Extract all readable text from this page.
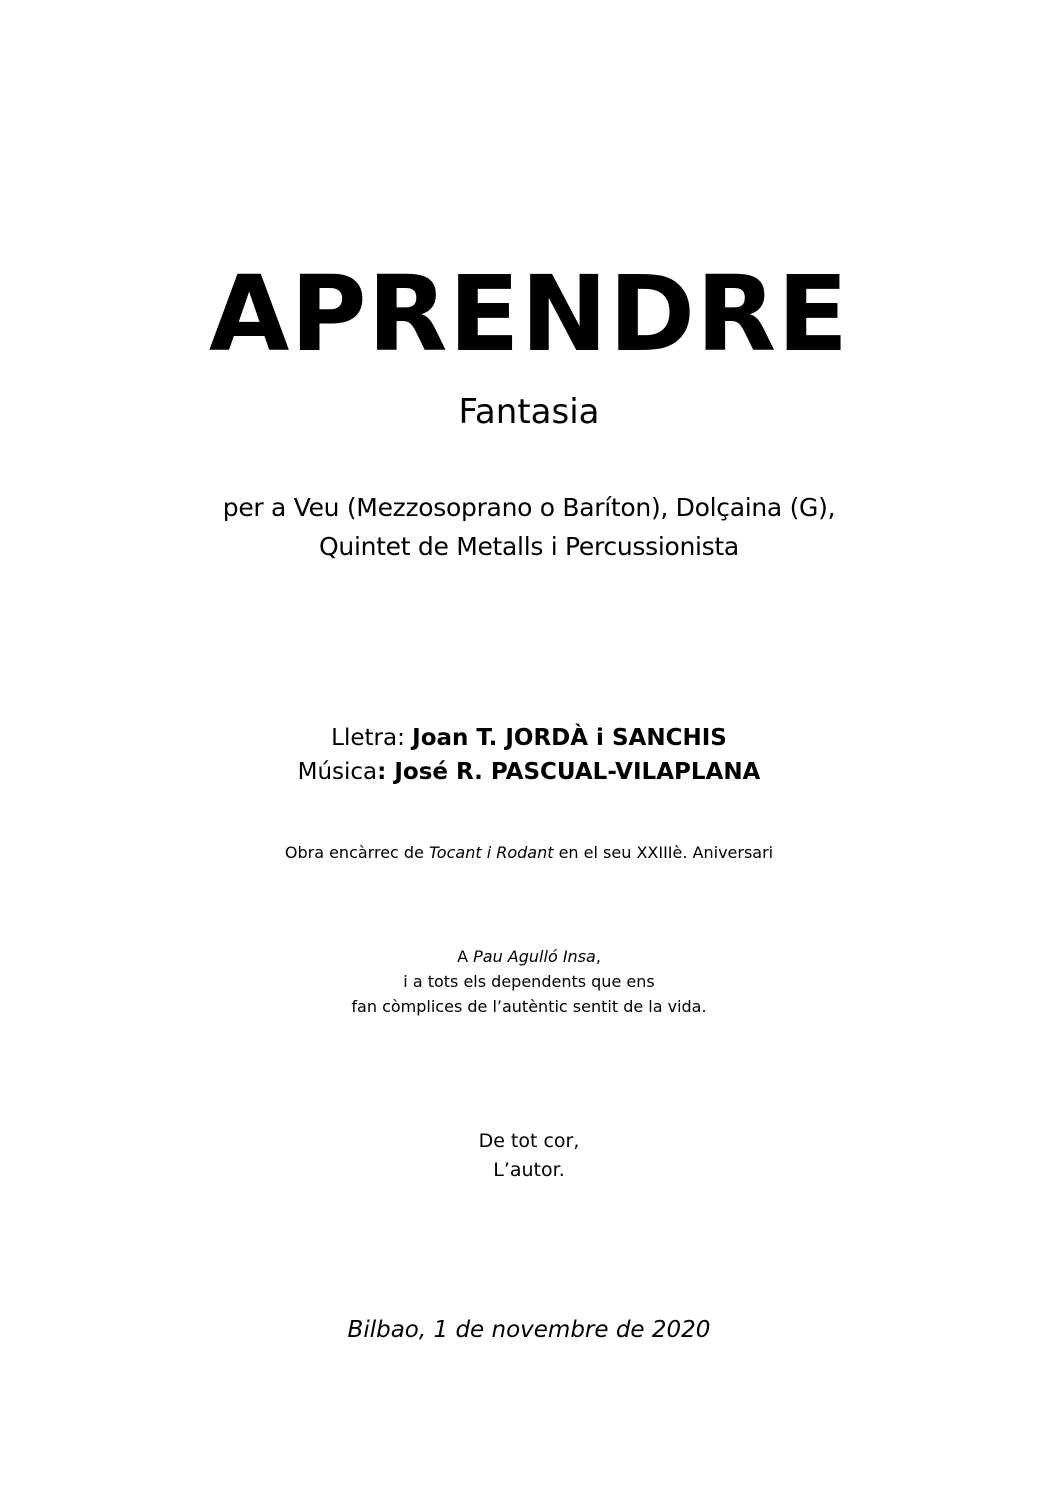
APRENDRE
Fantasia
per a Veu (Mezzosoprano o Baríton), Dolçaina (G),
Quintet de Metalls i Percussionista
Lletra: Joan T. JORDÀ i SANCHIS
Música: José R. PASCUAL-VILAPLANA
Obra encàrrec de Tocant i Rodant en el seu XXIIIè. Aniversari
A Pau Agulló Insa,
i a tots els dependents que ens
fan còmplices de l’autèntic sentit de la vida.
De tot cor,
L’autor.
Bilbao, 1 de novembre de 2020
